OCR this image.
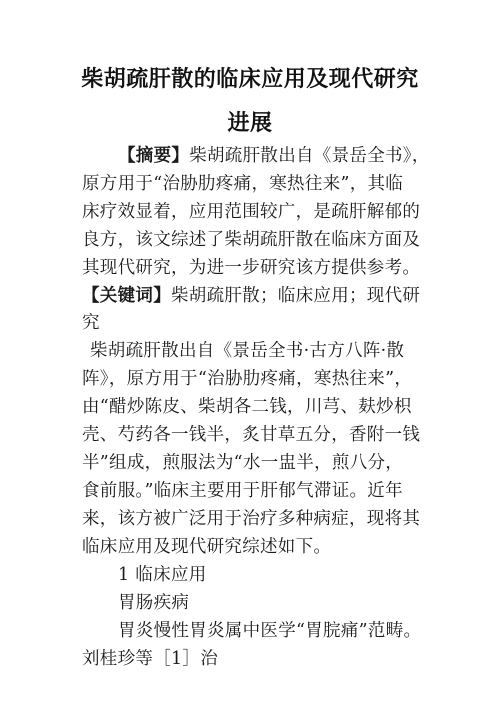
柴胡疏肝散的临床应用及现代研究
进展
【摘要】柴胡疏肝散出自《景岳全书》，
原方用于“治胁肋疼痛，寒热往来”，其临
床疗效显着，应用范围较广，是疏肝解郁的
良方，该文综述了柴胡疏肝散在临床方面及
其现代研究，为进一步研究该方提供参考。
【关键词】柴胡疏肝散；临床应用；现代研
究
柴胡疏肝散出自《景岳全书·古方八阵·散
阵》，原方用于“治胁肋疼痛，寒热往来”，
由“醋炒陈皮、柴胡各二钱，川芎、麸炒枳
壳、芍药各一钱半，炙甘草五分，香附一钱
半”组成，煎服法为“水一盅半，煎八分，
食前服。”临床主要用于肝郁气滞证。近年
来，该方被广泛用于治疗多种病症，现将其
临床应用及现代研究综述如下。
1 临床应用
胃肠疾病
胃炎慢性胃炎属中医学“胃脘痛”范畴。
刘桂珍等［1］治
